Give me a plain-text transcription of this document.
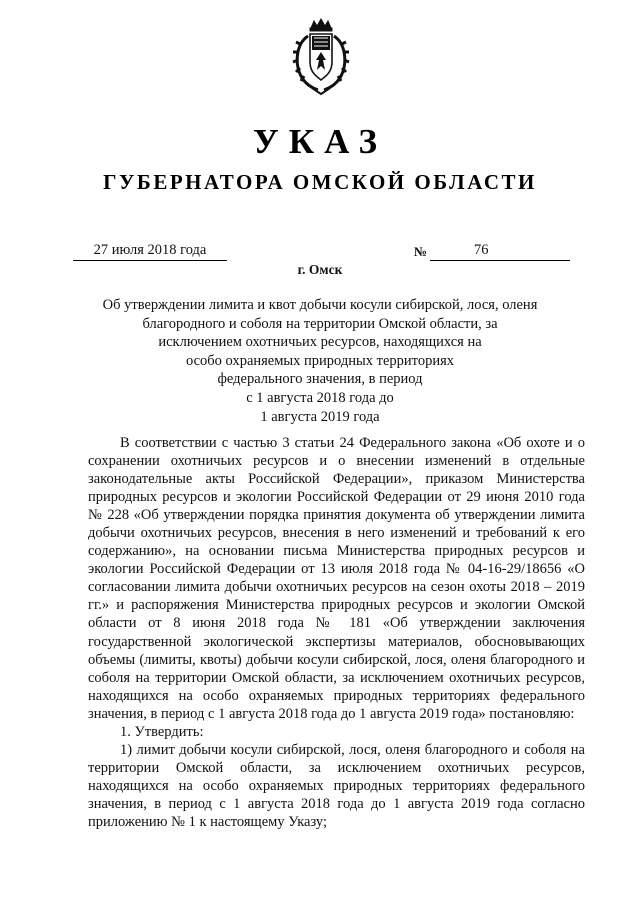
УКАЗ
ГУБЕРНАТОРА ОМСКОЙ ОБЛАСТИ
27 июля 2018 года	№	76
г. Омск
Об утверждении лимита и квот добычи косули сибирской, лося, оленя
благородного и соболя на территории Омской области, за
исключением охотничьих ресурсов, находящихся на
особо охраняемых природных территориях
федерального значения, в период
с 1 августа 2018 года до
1 августа 2019 года

В соответствии с частью 3 статьи 24 Федерального закона «Об охоте и о сохранении охотничьих ресурсов и о внесении изменений в отдельные законодательные акты Российской Федерации», приказом Министерства природных ресурсов и экологии Российской Федерации от 29 июня 2010 года № 228 «Об утверждении порядка принятия документа об утверждении лимита добычи охотничьих ресурсов, внесения в него изменений и требований к его содержанию», на основании письма Министерства природных ресурсов и экологии Российской Федерации от 13 июля 2018 года № 04-16-29/18656 «О согласовании лимита добычи охотничьих ресурсов на сезон охоты 2018 – 2019 гг.» и распоряжения Министерства природных ресурсов и экологии Омской области от 8 июня 2018 года № 181 «Об утверждении заключения государственной экологической экспертизы материалов, обосновывающих объемы (лимиты, квоты) добычи косули сибирской, лося, оленя благородного и соболя на территории Омской области, за исключением охотничьих ресурсов, находящихся на особо охраняемых природных территориях федерального значения, в период с 1 августа 2018 года до 1 августа 2019 года» постановляю:

1. Утвердить:

1) лимит добычи косули сибирской, лося, оленя благородного и соболя на территории Омской области, за исключением охотничьих ресурсов, находящихся на особо охраняемых природных территориях федерального значения, в период с 1 августа 2018 года до 1 августа 2019 года согласно приложению № 1 к настоящему Указу;
